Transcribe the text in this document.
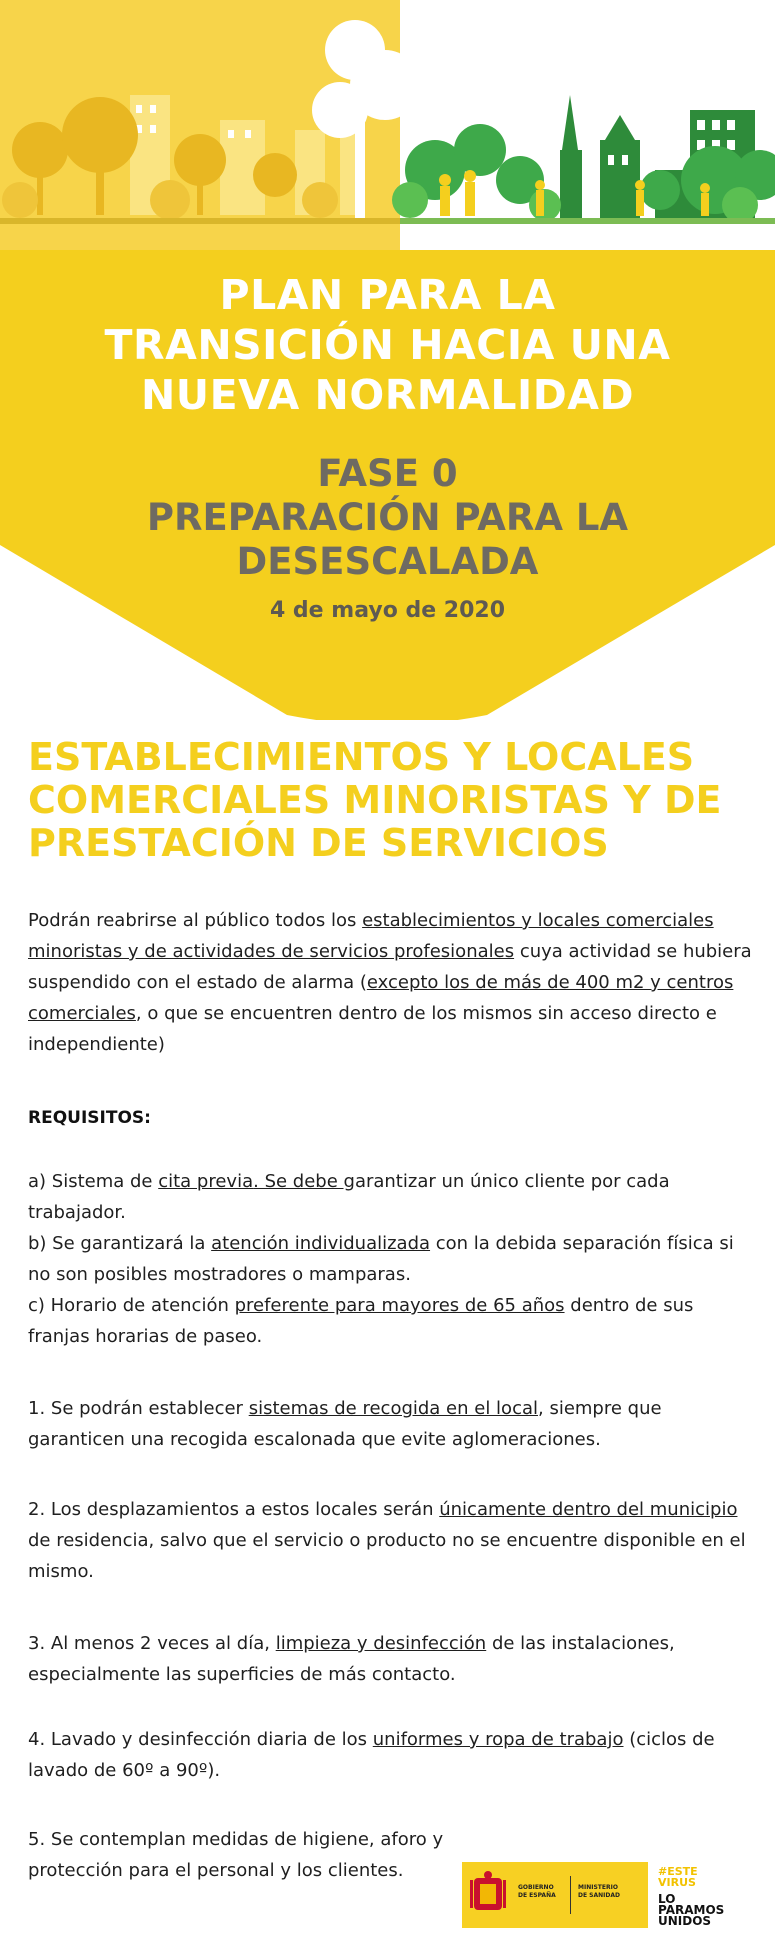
PLAN PARA LA
TRANSICIÓN HACIA UNA
NUEVA NORMALIDAD
FASE 0
PREPARACIÓN PARA LA
DESESCALADA
4 de mayo de 2020
ESTABLECIMIENTOS Y LOCALES
COMERCIALES MINORISTAS Y DE
PRESTACIÓN DE SERVICIOS
Podrán reabrirse al público todos los establecimientos y locales comerciales minoristas y de actividades de servicios profesionales cuya actividad se hubiera suspendido con el estado de alarma (excepto los de más de 400 m2 y centros comerciales, o que se encuentren dentro de los mismos sin acceso directo e independiente)
REQUISITOS:
a) Sistema de cita previa. Se debe garantizar un único cliente por cada trabajador.
b) Se garantizará la atención individualizada con la debida separación física si no son posibles mostradores o mamparas.
c) Horario de atención preferente para mayores de 65 años dentro de sus franjas horarias de paseo.
1. Se podrán establecer sistemas de recogida en el local, siempre que garanticen una recogida escalonada que evite aglomeraciones.
2. Los desplazamientos a estos locales serán únicamente dentro del municipio de residencia, salvo que el servicio o producto no se encuentre disponible en el mismo.
3. Al menos 2 veces al día, limpieza y desinfección de las instalaciones, especialmente las superficies de más contacto.
4. Lavado y desinfección diaria de los uniformes y ropa de trabajo (ciclos de lavado de 60º a 90º).
5. Se contemplan medidas de higiene, aforo y protección para el personal y los clientes.
GOBIERNO
DE ESPAÑA
MINISTERIO
DE SANIDAD
#ESTE
VIRUS
LO
PARAMOS
UNIDOS
